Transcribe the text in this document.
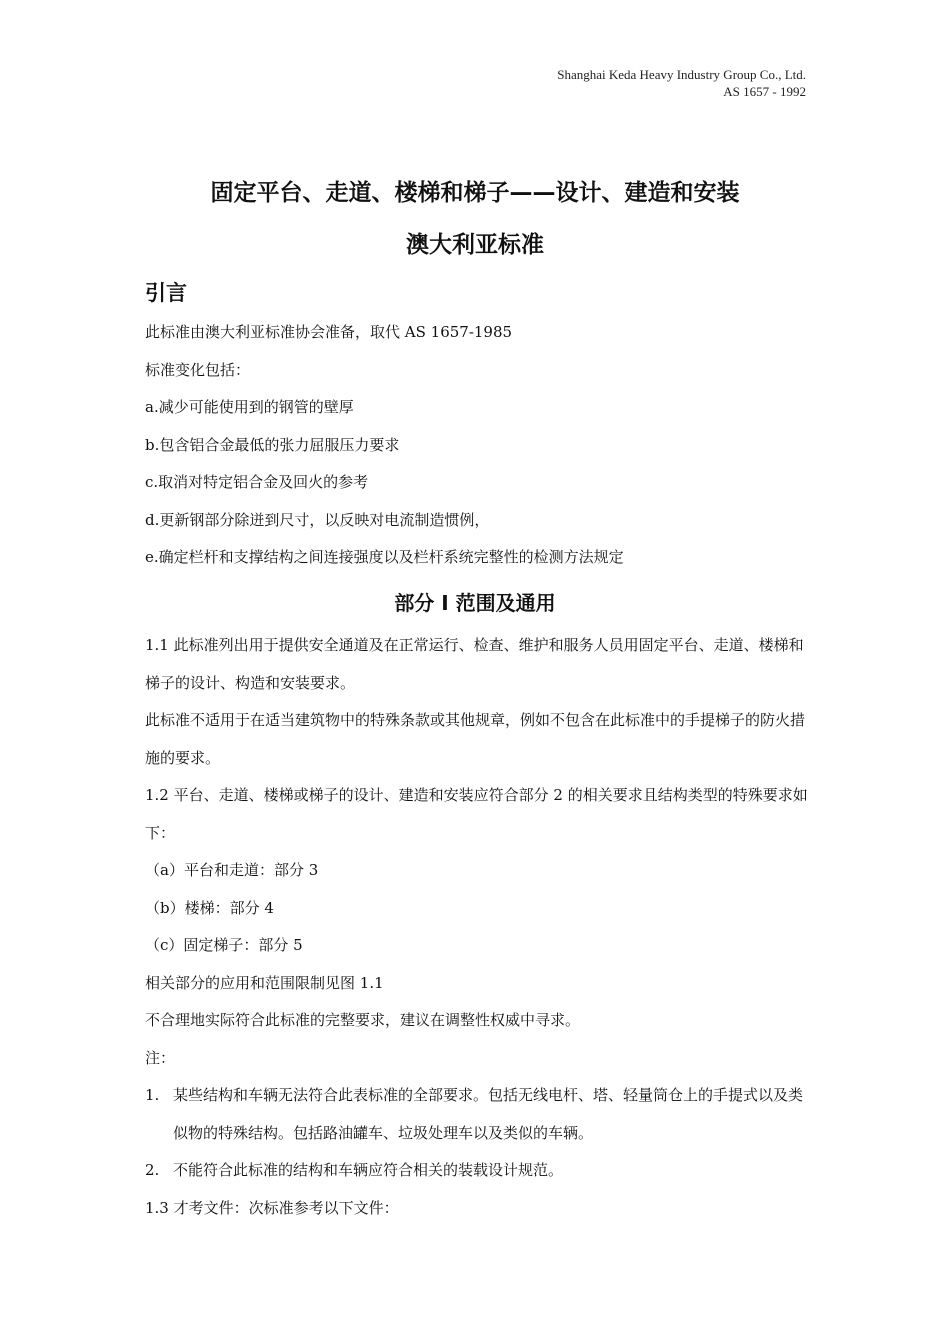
Shanghai Keda Heavy Industry Group Co., Ltd.
AS 1657 - 1992
固定平台、走道、楼梯和梯子——设计、建造和安装
澳大利亚标准
引言

此标准由澳大利亚标准协会准备，取代 AS 1657-1985

标准变化包括：

a.减少可能使用到的钢管的壁厚

b.包含铝合金最低的张力屈服压力要求

c.取消对特定铝合金及回火的参考

d.更新钢部分除迸到尺寸，以反映对电流制造惯例，

e.确定栏杆和支撑结构之间连接强度以及栏杆系统完整性的检测方法规定

部分 I 范围及通用

1.1 此标准列出用于提供安全通道及在正常运行、检查、维护和服务人员用固定平台、走道、楼梯和梯子的设计、构造和安装要求。

此标准不适用于在适当建筑物中的特殊条款或其他规章，例如不包含在此标准中的手提梯子的防火措施的要求。

1.2 平台、走道、楼梯或梯子的设计、建造和安装应符合部分 2 的相关要求且结构类型的特殊要求如下：

（a）平台和走道：部分 3

（b）楼梯：部分 4

（c）固定梯子：部分 5

相关部分的应用和范围限制见图 1.1

不合理地实际符合此标准的完整要求，建议在调整性权威中寻求。

注：

1. 某些结构和车辆无法符合此表标准的全部要求。包括无线电杆、塔、轻量筒仓上的手提式以及类似物的特殊结构。包括路油罐车、垃圾处理车以及类似的车辆。
2. 不能符合此标准的结构和车辆应符合相关的装载设计规范。

1.3 才考文件：次标准参考以下文件：
